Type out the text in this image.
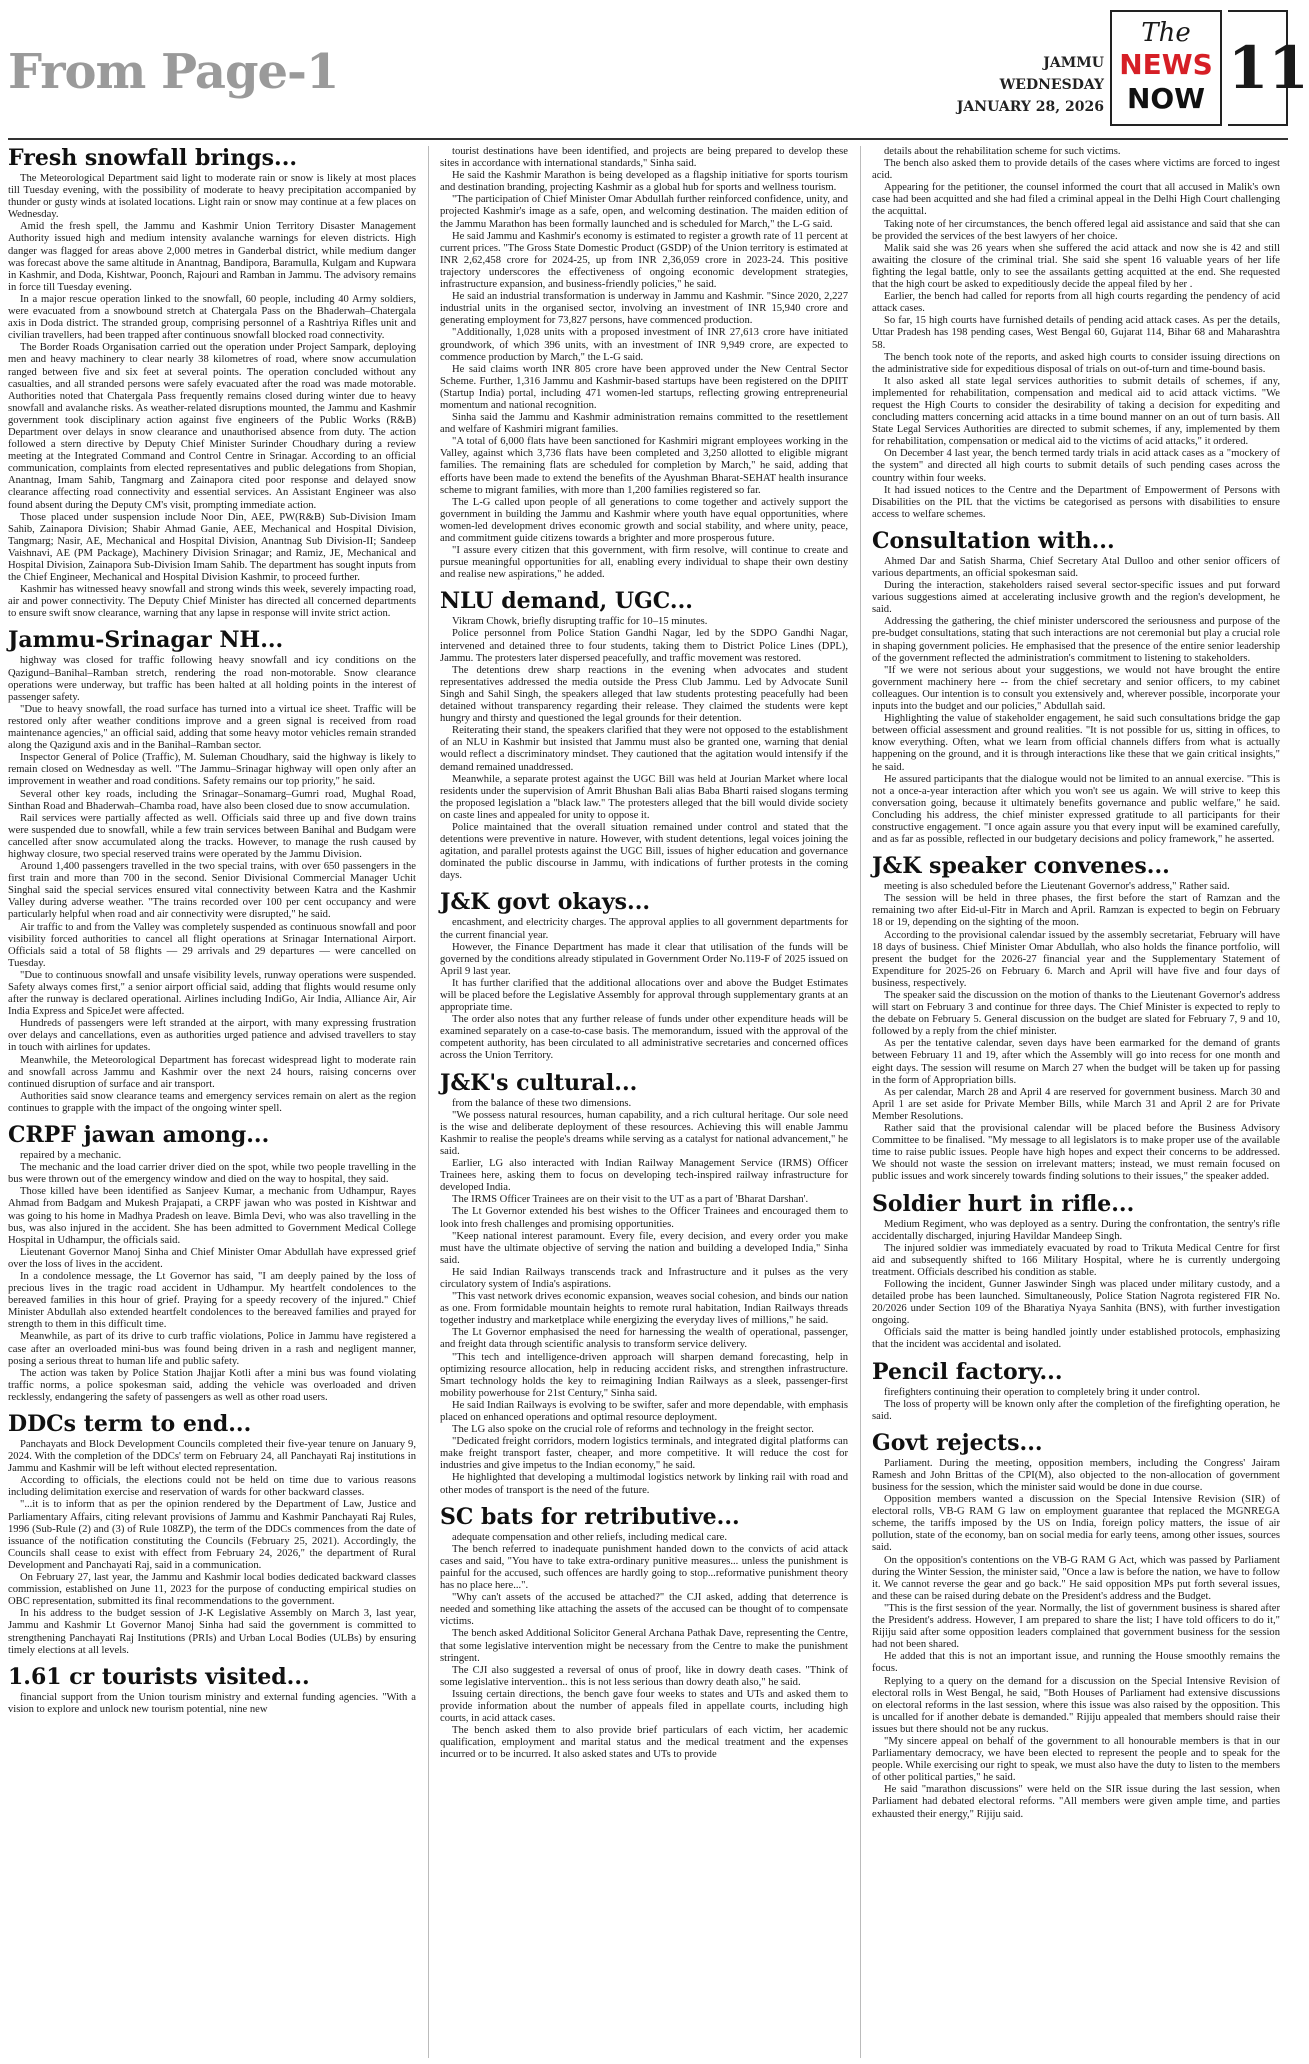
From Page-1	JAMMU
WEDNESDAY
JANUARY 28, 2026
The
NEWS
NOW 11
Fresh snowfall brings...

The Meteorological Department said light to moderate rain or snow is likely at most places till Tuesday evening, with the possibility of moderate to heavy precipitation accompanied by thunder or gusty winds at isolated locations. Light rain or snow may continue at a few places on Wednesday.

Amid the fresh spell, the Jammu and Kashmir Union Territory Disaster Management Authority issued high and medium intensity avalanche warnings for eleven districts. High danger was flagged for areas above 2,000 metres in Ganderbal district, while medium danger was forecast above the same altitude in Anantnag, Bandipora, Baramulla, Kulgam and Kupwara in Kashmir, and Doda, Kishtwar, Poonch, Rajouri and Ramban in Jammu. The advisory remains in force till Tuesday evening.

In a major rescue operation linked to the snowfall, 60 people, including 40 Army soldiers, were evacuated from a snowbound stretch at Chatergala Pass on the Bhaderwah–Chatergala axis in Doda district. The stranded group, comprising personnel of a Rashtriya Rifles unit and civilian travellers, had been trapped after continuous snowfall blocked road connectivity.

The Border Roads Organisation carried out the operation under Project Sampark, deploying men and heavy machinery to clear nearly 38 kilometres of road, where snow accumulation ranged between five and six feet at several points. The operation concluded without any casualties, and all stranded persons were safely evacuated after the road was made motorable. Authorities noted that Chatergala Pass frequently remains closed during winter due to heavy snowfall and avalanche risks. As weather-related disruptions mounted, the Jammu and Kashmir government took disciplinary action against five engineers of the Public Works (R&B) Department over delays in snow clearance and unauthorised absence from duty. The action followed a stern directive by Deputy Chief Minister Surinder Choudhary during a review meeting at the Integrated Command and Control Centre in Srinagar. According to an official communication, complaints from elected representatives and public delegations from Shopian, Anantnag, Imam Sahib, Tangmarg and Zainapora cited poor response and delayed snow clearance affecting road connectivity and essential services. An Assistant Engineer was also found absent during the Deputy CM's visit, prompting immediate action.

Those placed under suspension include Noor Din, AEE, PW(R&B) Sub-Division Imam Sahib, Zainapora Division; Shabir Ahmad Ganie, AEE, Mechanical and Hospital Division, Tangmarg; Nasir, AE, Mechanical and Hospital Division, Anantnag Sub Division-II; Sandeep Vaishnavi, AE (PM Package), Machinery Division Srinagar; and Ramiz, JE, Mechanical and Hospital Division, Zainapora Sub-Division Imam Sahib. The department has sought inputs from the Chief Engineer, Mechanical and Hospital Division Kashmir, to proceed further.

Kashmir has witnessed heavy snowfall and strong winds this week, severely impacting road, air and power connectivity. The Deputy Chief Minister has directed all concerned departments to ensure swift snow clearance, warning that any lapse in response will invite strict action.

Jammu-Srinagar NH...

highway was closed for traffic following heavy snowfall and icy conditions on the Qazigund–Banihal–Ramban stretch, rendering the road non-motorable. Snow clearance operations were underway, but traffic has been halted at all holding points in the interest of passenger safety.

"Due to heavy snowfall, the road surface has turned into a virtual ice sheet. Traffic will be restored only after weather conditions improve and a green signal is received from road maintenance agencies," an official said, adding that some heavy motor vehicles remain stranded along the Qazigund axis and in the Banihal–Ramban sector.

Inspector General of Police (Traffic), M. Suleman Choudhary, said the highway is likely to remain closed on Wednesday as well. "The Jammu–Srinagar highway will open only after an improvement in weather and road conditions. Safety remains our top priority," he said.

Several other key roads, including the Srinagar–Sonamarg–Gumri road, Mughal Road, Sinthan Road and Bhaderwah–Chamba road, have also been closed due to snow accumulation.

Rail services were partially affected as well. Officials said three up and five down trains were suspended due to snowfall, while a few train services between Banihal and Budgam were cancelled after snow accumulated along the tracks. However, to manage the rush caused by highway closure, two special reserved trains were operated by the Jammu Division.

Around 1,400 passengers travelled in the two special trains, with over 650 passengers in the first train and more than 700 in the second. Senior Divisional Commercial Manager Uchit Singhal said the special services ensured vital connectivity between Katra and the Kashmir Valley during adverse weather. "The trains recorded over 100 per cent occupancy and were particularly helpful when road and air connectivity were disrupted," he said.

Air traffic to and from the Valley was completely suspended as continuous snowfall and poor visibility forced authorities to cancel all flight operations at Srinagar International Airport. Officials said a total of 58 flights — 29 arrivals and 29 departures — were cancelled on Tuesday.

"Due to continuous snowfall and unsafe visibility levels, runway operations were suspended. Safety always comes first," a senior airport official said, adding that flights would resume only after the runway is declared operational. Airlines including IndiGo, Air India, Alliance Air, Air India Express and SpiceJet were affected.

Hundreds of passengers were left stranded at the airport, with many expressing frustration over delays and cancellations, even as authorities urged patience and advised travellers to stay in touch with airlines for updates.

Meanwhile, the Meteorological Department has forecast widespread light to moderate rain and snowfall across Jammu and Kashmir over the next 24 hours, raising concerns over continued disruption of surface and air transport.

Authorities said snow clearance teams and emergency services remain on alert as the region continues to grapple with the impact of the ongoing winter spell.

CRPF jawan among...

repaired by a mechanic.

The mechanic and the load carrier driver died on the spot, while two people travelling in the bus were thrown out of the emergency window and died on the way to hospital, they said.

Those killed have been identified as Sanjeev Kumar, a mechanic from Udhampur, Rayes Ahmad from Badgam and Mukesh Prajapati, a CRPF jawan who was posted in Kishtwar and was going to his home in Madhya Pradesh on leave. Bimla Devi, who was also travelling in the bus, was also injured in the accident. She has been admitted to Government Medical College Hospital in Udhampur, the officials said.

Lieutenant Governor Manoj Sinha and Chief Minister Omar Abdullah have expressed grief over the loss of lives in the accident.

In a condolence message, the Lt Governor has said, "I am deeply pained by the loss of precious lives in the tragic road accident in Udhampur. My heartfelt condolences to the bereaved families in this hour of grief. Praying for a speedy recovery of the injured." Chief Minister Abdullah also extended heartfelt condolences to the bereaved families and prayed for strength to them in this difficult time.

Meanwhile, as part of its drive to curb traffic violations, Police in Jammu have registered a case after an overloaded mini-bus was found being driven in a rash and negligent manner, posing a serious threat to human life and public safety.

The action was taken by Police Station Jhajjar Kotli after a mini bus was found violating traffic norms, a police spokesman said, adding the vehicle was overloaded and driven recklessly, endangering the safety of passengers as well as other road users.

DDCs term to end...

Panchayats and Block Development Councils completed their five-year tenure on January 9, 2024. With the completion of the DDCs' term on February 24, all Panchayati Raj institutions in Jammu and Kashmir will be left without elected representation.

According to officials, the elections could not be held on time due to various reasons including delimitation exercise and reservation of wards for other backward classes.

"...it is to inform that as per the opinion rendered by the Department of Law, Justice and Parliamentary Affairs, citing relevant provisions of Jammu and Kashmir Panchayati Raj Rules, 1996 (Sub-Rule (2) and (3) of Rule 108ZP), the term of the DDCs commences from the date of issuance of the notification constituting the Councils (February 25, 2021). Accordingly, the Councils shall cease to exist with effect from February 24, 2026," the department of Rural Development and Panchayati Raj, said in a communication.

On February 27, last year, the Jammu and Kashmir local bodies dedicated backward classes commission, established on June 11, 2023 for the purpose of conducting empirical studies on OBC representation, submitted its final recommendations to the government.

In his address to the budget session of J-K Legislative Assembly on March 3, last year, Jammu and Kashmir Lt Governor Manoj Sinha had said the government is committed to strengthening Panchayati Raj Institutions (PRIs) and Urban Local Bodies (ULBs) by ensuring timely elections at all levels.

1.61 cr tourists visited...

financial support from the Union tourism ministry and external funding agencies. "With a vision to explore and unlock new tourism potential, nine new

tourist destinations have been identified, and projects are being prepared to develop these sites in accordance with international standards," Sinha said.

He said the Kashmir Marathon is being developed as a flagship initiative for sports tourism and destination branding, projecting Kashmir as a global hub for sports and wellness tourism.

"The participation of Chief Minister Omar Abdullah further reinforced confidence, unity, and projected Kashmir's image as a safe, open, and welcoming destination. The maiden edition of the Jammu Marathon has been formally launched and is scheduled for March," the L-G said.

He said Jammu and Kashmir's economy is estimated to register a growth rate of 11 percent at current prices. "The Gross State Domestic Product (GSDP) of the Union territory is estimated at INR 2,62,458 crore for 2024-25, up from INR 2,36,059 crore in 2023-24. This positive trajectory underscores the effectiveness of ongoing economic development strategies, infrastructure expansion, and business-friendly policies," he said.

He said an industrial transformation is underway in Jammu and Kashmir. "Since 2020, 2,227 industrial units in the organised sector, involving an investment of INR 15,940 crore and generating employment for 73,827 persons, have commenced production.

"Additionally, 1,028 units with a proposed investment of INR 27,613 crore have initiated groundwork, of which 396 units, with an investment of INR 9,949 crore, are expected to commence production by March," the L-G said.

He said claims worth INR 805 crore have been approved under the New Central Sector Scheme. Further, 1,316 Jammu and Kashmir-based startups have been registered on the DPIIT (Startup India) portal, including 471 women-led startups, reflecting growing entrepreneurial momentum and national recognition.

Sinha said the Jammu and Kashmir administration remains committed to the resettlement and welfare of Kashmiri migrant families.

"A total of 6,000 flats have been sanctioned for Kashmiri migrant employees working in the Valley, against which 3,736 flats have been completed and 3,250 allotted to eligible migrant families. The remaining flats are scheduled for completion by March," he said, adding that efforts have been made to extend the benefits of the Ayushman Bharat-SEHAT health insurance scheme to migrant families, with more than 1,200 families registered so far.

The L-G called upon people of all generations to come together and actively support the government in building the Jammu and Kashmir where youth have equal opportunities, where women-led development drives economic growth and social stability, and where unity, peace, and commitment guide citizens towards a brighter and more prosperous future.

"I assure every citizen that this government, with firm resolve, will continue to create and pursue meaningful opportunities for all, enabling every individual to shape their own destiny and realise new aspirations," he added.

NLU demand, UGC...

Vikram Chowk, briefly disrupting traffic for 10–15 minutes.

Police personnel from Police Station Gandhi Nagar, led by the SDPO Gandhi Nagar, intervened and detained three to four students, taking them to District Police Lines (DPL), Jammu. The protesters later dispersed peacefully, and traffic movement was restored.

The detentions drew sharp reactions in the evening when advocates and student representatives addressed the media outside the Press Club Jammu. Led by Advocate Sunil Singh and Sahil Singh, the speakers alleged that law students protesting peacefully had been detained without transparency regarding their release. They claimed the students were kept hungry and thirsty and questioned the legal grounds for their detention.

Reiterating their stand, the speakers clarified that they were not opposed to the establishment of an NLU in Kashmir but insisted that Jammu must also be granted one, warning that denial would reflect a discriminatory mindset. They cautioned that the agitation would intensify if the demand remained unaddressed.

Meanwhile, a separate protest against the UGC Bill was held at Jourian Market where local residents under the supervision of Amrit Bhushan Bali alias Baba Bharti raised slogans terming the proposed legislation a "black law." The protesters alleged that the bill would divide society on caste lines and appealed for unity to oppose it.

Police maintained that the overall situation remained under control and stated that the detentions were preventive in nature. However, with student detentions, legal voices joining the agitation, and parallel protests against the UGC Bill, issues of higher education and governance dominated the public discourse in Jammu, with indications of further protests in the coming days.

J&K govt okays...

encashment, and electricity charges. The approval applies to all government departments for the current financial year.

However, the Finance Department has made it clear that utilisation of the funds will be governed by the conditions already stipulated in Government Order No.119-F of 2025 issued on April 9 last year.

It has further clarified that the additional allocations over and above the Budget Estimates will be placed before the Legislative Assembly for approval through supplementary grants at an appropriate time.

The order also notes that any further release of funds under other expenditure heads will be examined separately on a case-to-case basis. The memorandum, issued with the approval of the competent authority, has been circulated to all administrative secretaries and concerned offices across the Union Territory.

J&K's cultural...

from the balance of these two dimensions.

"We possess natural resources, human capability, and a rich cultural heritage. Our sole need is the wise and deliberate deployment of these resources. Achieving this will enable Jammu Kashmir to realise the people's dreams while serving as a catalyst for national advancement," he said.

Earlier, LG also interacted with Indian Railway Management Service (IRMS) Officer Trainees here, asking them to focus on developing tech-inspired railway infrastructure for developed India.

The IRMS Officer Trainees are on their visit to the UT as a part of 'Bharat Darshan'.

The Lt Governor extended his best wishes to the Officer Trainees and encouraged them to look into fresh challenges and promising opportunities.

"Keep national interest paramount. Every file, every decision, and every order you make must have the ultimate objective of serving the nation and building a developed India," Sinha said.

He said Indian Railways transcends track and Infrastructure and it pulses as the very circulatory system of India's aspirations.

"This vast network drives economic expansion, weaves social cohesion, and binds our nation as one. From formidable mountain heights to remote rural habitation, Indian Railways threads together industry and marketplace while energizing the everyday lives of millions," he said.

The Lt Governor emphasised the need for harnessing the wealth of operational, passenger, and freight data through scientific analysis to transform service delivery.

"This tech and intelligence-driven approach will sharpen demand forecasting, help in optimizing resource allocation, help in reducing accident risks, and strengthen infrastructure. Smart technology holds the key to reimagining Indian Railways as a sleek, passenger-first mobility powerhouse for 21st Century," Sinha said.

He said Indian Railways is evolving to be swifter, safer and more dependable, with emphasis placed on enhanced operations and optimal resource deployment.

The LG also spoke on the crucial role of reforms and technology in the freight sector.

"Dedicated freight corridors, modern logistics terminals, and integrated digital platforms can make freight transport faster, cheaper, and more competitive. It will reduce the cost for industries and give impetus to the Indian economy," he said.

He highlighted that developing a multimodal logistics network by linking rail with road and other modes of transport is the need of the future.

SC bats for retributive...

adequate compensation and other reliefs, including medical care.

The bench referred to inadequate punishment handed down to the convicts of acid attack cases and said, "You have to take extra-ordinary punitive measures... unless the punishment is painful for the accused, such offences are hardly going to stop...reformative punishment theory has no place here...".

"Why can't assets of the accused be attached?" the CJI asked, adding that deterrence is needed and something like attaching the assets of the accused can be thought of to compensate victims.

The bench asked Additional Solicitor General Archana Pathak Dave, representing the Centre, that some legislative intervention might be necessary from the Centre to make the punishment stringent.

The CJI also suggested a reversal of onus of proof, like in dowry death cases. "Think of some legislative intervention.. this is not less serious than dowry death also," he said.

Issuing certain directions, the bench gave four weeks to states and UTs and asked them to provide information about the number of appeals filed in appellate courts, including high courts, in acid attack cases.

The bench asked them to also provide brief particulars of each victim, her academic qualification, employment and marital status and the medical treatment and the expenses incurred or to be incurred. It also asked states and UTs to provide

details about the rehabilitation scheme for such victims.

The bench also asked them to provide details of the cases where victims are forced to ingest acid.

Appearing for the petitioner, the counsel informed the court that all accused in Malik's own case had been acquitted and she had filed a criminal appeal in the Delhi High Court challenging the acquittal.

Taking note of her circumstances, the bench offered legal aid assistance and said that she can be provided the services of the best lawyers of her choice.

Malik said she was 26 years when she suffered the acid attack and now she is 42 and still awaiting the closure of the criminal trial. She said she spent 16 valuable years of her life fighting the legal battle, only to see the assailants getting acquitted at the end. She requested that the high court be asked to expeditiously decide the appeal filed by her .

Earlier, the bench had called for reports from all high courts regarding the pendency of acid attack cases.

So far, 15 high courts have furnished details of pending acid attack cases. As per the details, Uttar Pradesh has 198 pending cases, West Bengal 60, Gujarat 114, Bihar 68 and Maharashtra 58.

The bench took note of the reports, and asked high courts to consider issuing directions on the administrative side for expeditious disposal of trials on out-of-turn and time-bound basis.

It also asked all state legal services authorities to submit details of schemes, if any, implemented for rehabilitation, compensation and medical aid to acid attack victims. "We request the High Courts to consider the desirability of taking a decision for expediting and concluding matters concerning acid attacks in a time bound manner on an out of turn basis. All State Legal Services Authorities are directed to submit schemes, if any, implemented by them for rehabilitation, compensation or medical aid to the victims of acid attacks," it ordered.

On December 4 last year, the bench termed tardy trials in acid attack cases as a "mockery of the system" and directed all high courts to submit details of such pending cases across the country within four weeks.

It had issued notices to the Centre and the Department of Empowerment of Persons with Disabilities on the PIL that the victims be categorised as persons with disabilities to ensure access to welfare schemes.

Consultation with...

Ahmed Dar and Satish Sharma, Chief Secretary Atal Dulloo and other senior officers of various departments, an official spokesman said.

During the interaction, stakeholders raised several sector-specific issues and put forward various suggestions aimed at accelerating inclusive growth and the region's development, he said.

Addressing the gathering, the chief minister underscored the seriousness and purpose of the pre-budget consultations, stating that such interactions are not ceremonial but play a crucial role in shaping government policies. He emphasised that the presence of the entire senior leadership of the government reflected the administration's commitment to listening to stakeholders.

"If we were not serious about your suggestions, we would not have brought the entire government machinery here -- from the chief secretary and senior officers, to my cabinet colleagues. Our intention is to consult you extensively and, wherever possible, incorporate your inputs into the budget and our policies," Abdullah said.

Highlighting the value of stakeholder engagement, he said such consultations bridge the gap between official assessment and ground realities. "It is not possible for us, sitting in offices, to know everything. Often, what we learn from official channels differs from what is actually happening on the ground, and it is through interactions like these that we gain critical insights," he said.

He assured participants that the dialogue would not be limited to an annual exercise. "This is not a once-a-year interaction after which you won't see us again. We will strive to keep this conversation going, because it ultimately benefits governance and public welfare," he said. Concluding his address, the chief minister expressed gratitude to all participants for their constructive engagement. "I once again assure you that every input will be examined carefully, and as far as possible, reflected in our budgetary decisions and policy framework," he asserted.

J&K speaker convenes...

meeting is also scheduled before the Lieutenant Governor's address," Rather said.

The session will be held in three phases, the first before the start of Ramzan and the remaining two after Eid-ul-Fitr in March and April. Ramzan is expected to begin on February 18 or 19, depending on the sighting of the moon.

According to the provisional calendar issued by the assembly secretariat, February will have 18 days of business. Chief Minister Omar Abdullah, who also holds the finance portfolio, will present the budget for the 2026-27 financial year and the Supplementary Statement of Expenditure for 2025-26 on February 6. March and April will have five and four days of business, respectively.

The speaker said the discussion on the motion of thanks to the Lieutenant Governor's address will start on February 3 and continue for three days. The Chief Minister is expected to reply to the debate on February 5. General discussion on the budget are slated for February 7, 9 and 10, followed by a reply from the chief minister.

As per the tentative calendar, seven days have been earmarked for the demand of grants between February 11 and 19, after which the Assembly will go into recess for one month and eight days. The session will resume on March 27 when the budget will be taken up for passing in the form of Appropriation bills.

As per calendar, March 28 and April 4 are reserved for government business. March 30 and April 1 are set aside for Private Member Bills, while March 31 and April 2 are for Private Member Resolutions.

Rather said that the provisional calendar will be placed before the Business Advisory Committee to be finalised. "My message to all legislators is to make proper use of the available time to raise public issues. People have high hopes and expect their concerns to be addressed. We should not waste the session on irrelevant matters; instead, we must remain focused on public issues and work sincerely towards finding solutions to their issues," the speaker added.

Soldier hurt in rifle...

Medium Regiment, who was deployed as a sentry. During the confrontation, the sentry's rifle accidentally discharged, injuring Havildar Mandeep Singh.

The injured soldier was immediately evacuated by road to Trikuta Medical Centre for first aid and subsequently shifted to 166 Military Hospital, where he is currently undergoing treatment. Officials described his condition as stable.

Following the incident, Gunner Jaswinder Singh was placed under military custody, and a detailed probe has been launched. Simultaneously, Police Station Nagrota registered FIR No. 20/2026 under Section 109 of the Bharatiya Nyaya Sanhita (BNS), with further investigation ongoing.

Officials said the matter is being handled jointly under established protocols, emphasizing that the incident was accidental and isolated.

Pencil factory...

firefighters continuing their operation to completely bring it under control.

The loss of property will be known only after the completion of the firefighting operation, he said.

Govt rejects...

Parliament. During the meeting, opposition members, including the Congress' Jairam Ramesh and John Brittas of the CPI(M), also objected to the non-allocation of government business for the session, which the minister said would be done in due course.

Opposition members wanted a discussion on the Special Intensive Revision (SIR) of electoral rolls, VB-G RAM G law on employment guarantee that replaced the MGNREGA scheme, the tariffs imposed by the US on India, foreign policy matters, the issue of air pollution, state of the economy, ban on social media for early teens, among other issues, sources said.

On the opposition's contentions on the VB-G RAM G Act, which was passed by Parliament during the Winter Session, the minister said, "Once a law is before the nation, we have to follow it. We cannot reverse the gear and go back." He said opposition MPs put forth several issues, and these can be raised during debate on the President's address and the Budget.

"This is the first session of the year. Normally, the list of government business is shared after the President's address. However, I am prepared to share the list; I have told officers to do it," Rijiju said after some opposition leaders complained that government business for the session had not been shared.

He added that this is not an important issue, and running the House smoothly remains the focus.

Replying to a query on the demand for a discussion on the Special Intensive Revision of electoral rolls in West Bengal, he said, "Both Houses of Parliament had extensive discussions on electoral reforms in the last session, where this issue was also raised by the opposition. This is uncalled for if another debate is demanded." Rijiju appealed that members should raise their issues but there should not be any ruckus.

"My sincere appeal on behalf of the government to all honourable members is that in our Parliamentary democracy, we have been elected to represent the people and to speak for the people. While exercising our right to speak, we must also have the duty to listen to the members of other political parties," he said.

He said "marathon discussions" were held on the SIR issue during the last session, when Parliament had debated electoral reforms. "All members were given ample time, and parties exhausted their energy," Rijiju said.
